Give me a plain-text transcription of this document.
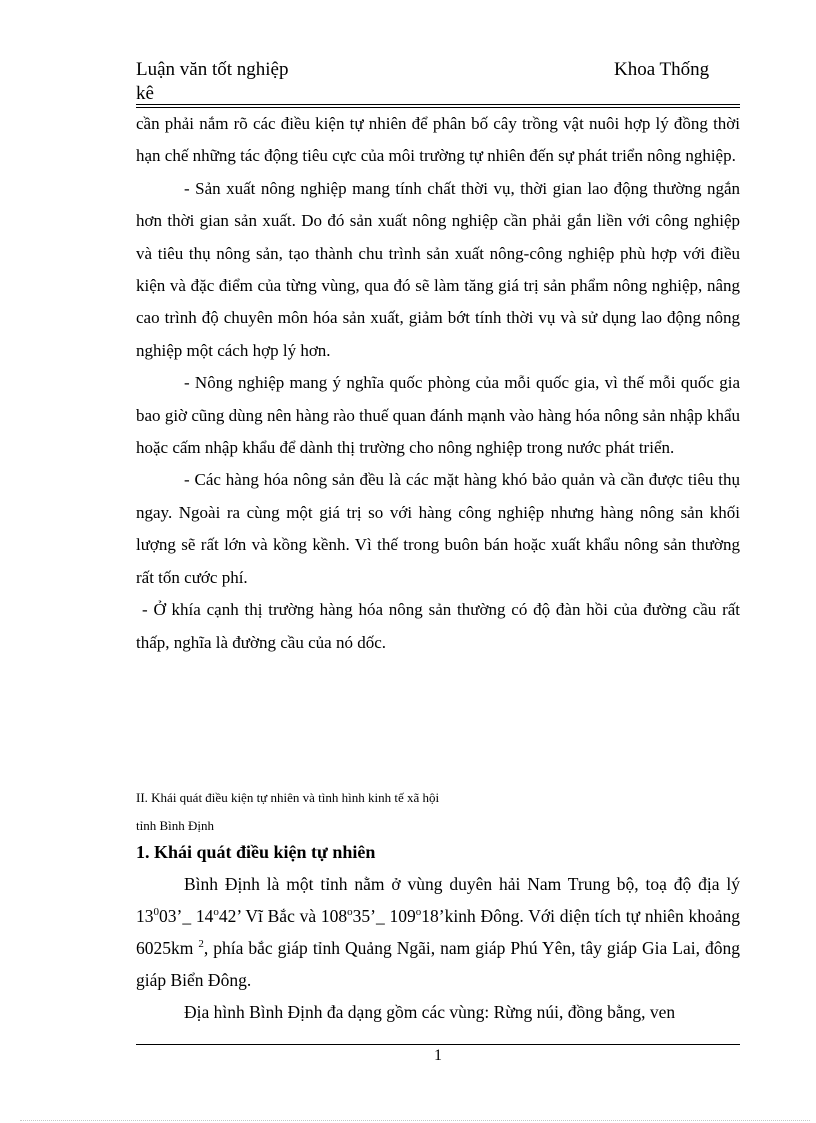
Luận văn tốt nghiệp	Khoa Thống
kê

cần phải nắm rõ các điều kiện tự nhiên để phân bố cây trồng vật nuôi hợp lý đồng thời hạn chế những tác động tiêu cực của môi trường tự nhiên đến sự phát triển nông nghiệp.

- Sản xuất nông nghiệp mang tính chất thời vụ, thời gian lao động thường ngắn hơn thời gian sản xuất. Do đó sản xuất nông nghiệp cần phải gắn liền với công nghiệp và tiêu thụ nông sản, tạo thành chu trình sản xuất nông-công nghiệp phù hợp với điều kiện và đặc điểm của từng vùng, qua đó sẽ làm tăng giá trị sản phẩm nông nghiệp, nâng cao trình độ chuyên môn hóa sản xuất, giảm bớt tính thời vụ và sử dụng lao động nông nghiệp một cách hợp lý hơn.

- Nông nghiệp mang ý nghĩa quốc phòng của mỗi quốc gia, vì thế mỗi quốc gia bao giờ cũng dùng nên hàng rào thuế quan đánh mạnh vào hàng hóa nông sản nhập khẩu hoặc cấm nhập khẩu để dành thị trường cho nông nghiệp trong nước phát triển.

- Các hàng hóa nông sản đều là các mặt hàng khó bảo quản và cần được tiêu thụ ngay. Ngoài ra cùng một giá trị so với hàng công nghiệp nhưng hàng nông sản khối lượng sẽ rất lớn và kồng kềnh. Vì thế trong buôn bán hoặc xuất khẩu nông sản thường rất tốn cước phí.

- Ở khía cạnh thị trường hàng hóa nông sản thường có độ đàn hồi của đường cầu rất thấp, nghĩa là đường cầu của nó dốc.

II. Khái quát điều kiện tự nhiên và tình hình kinh tế xã hội
tỉnh Bình Định
1. Khái quát điều kiện tự nhiên

Bình Định là một tỉnh nằm ở vùng duyên hải Nam Trung bộ, toạ độ địa lý $13^003’\_$ 14$^o$42’ Vĩ Bắc và 108$^o$35’_ 109$^o$18’kinh Đông. Với diện tích tự nhiên khoảng 6025km $^2$, phía bắc giáp tỉnh Quảng Ngãi, nam giáp Phú Yên, tây giáp Gia Lai, đông giáp Biển Đông.

Địa hình Bình Định đa dạng gồm các vùng: Rừng núi, đồng bằng, ven

1
